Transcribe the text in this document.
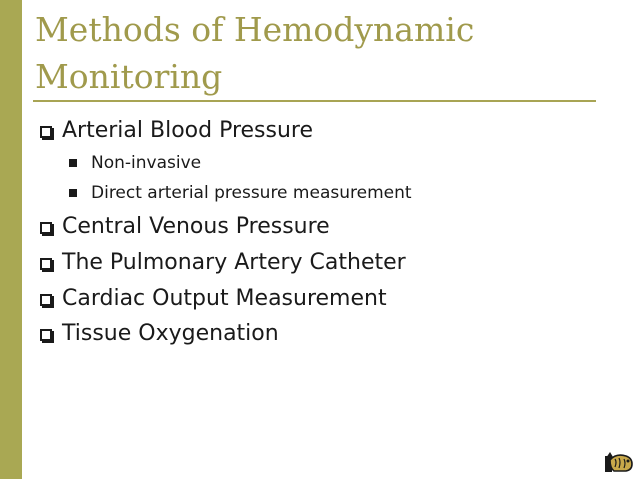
Methods of Hemodynamic Monitoring
Arterial Blood Pressure
Non-invasive
Direct arterial pressure measurement
Central Venous Pressure
The Pulmonary Artery Catheter
Cardiac Output Measurement
Tissue Oxygenation
